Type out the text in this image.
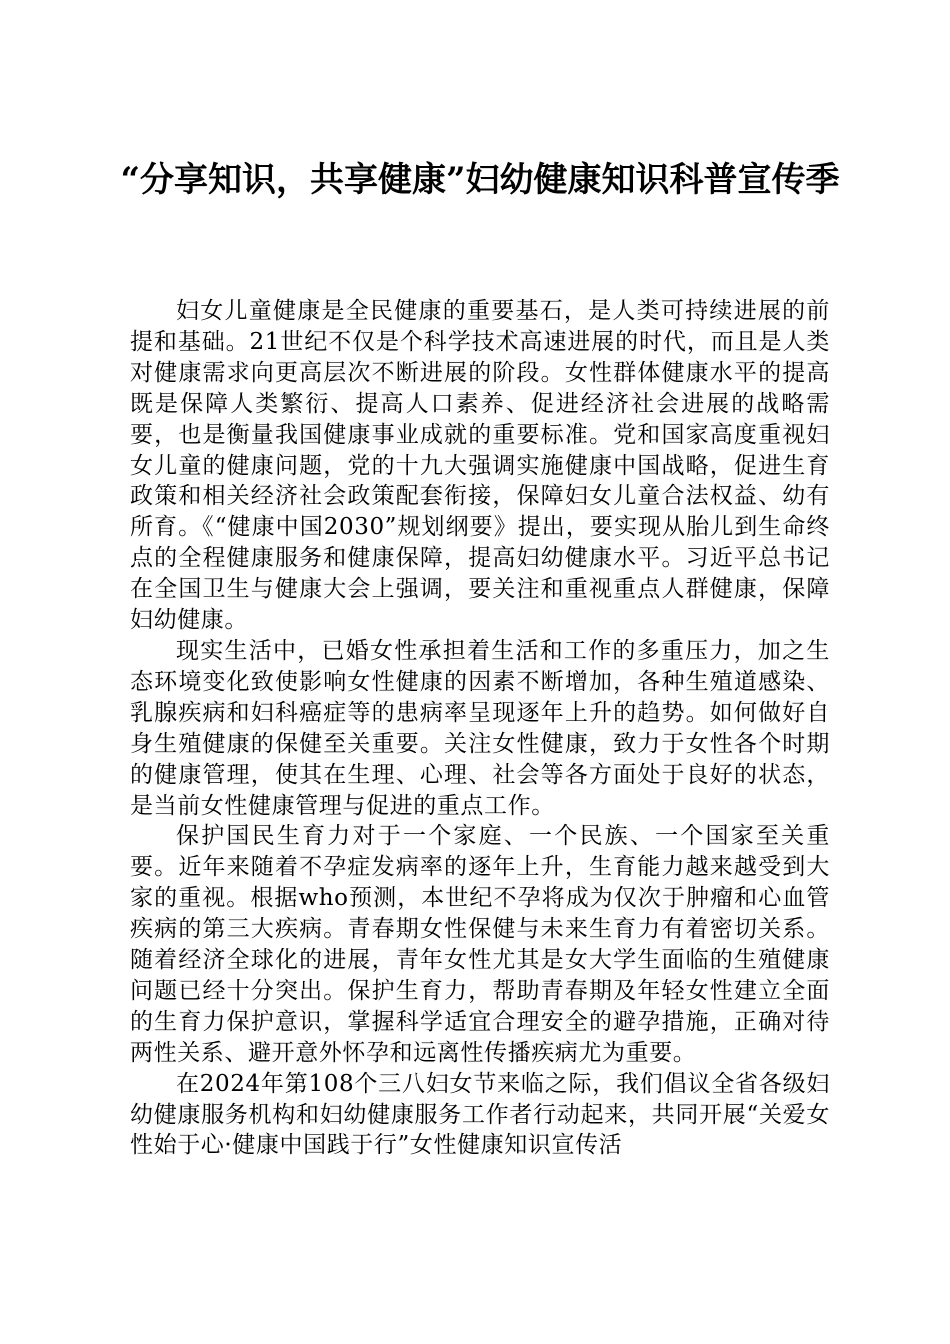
“分享知识，共享健康”妇幼健康知识科普宣传季

妇女儿童健康是全民健康的重要基石，是人类可持续进展的前提和基础。21世纪不仅是个科学技术高速进展的时代，而且是人类对健康需求向更高层次不断进展的阶段。女性群体健康水平的提高既是保障人类繁衍、提高人口素养、促进经济社会进展的战略需要，也是衡量我国健康事业成就的重要标准。党和国家高度重视妇女儿童的健康问题，党的十九大强调实施健康中国战略，促进生育政策和相关经济社会政策配套衔接，保障妇女儿童合法权益、幼有所育。《“健康中国2030”规划纲要》提出，要实现从胎儿到生命终点的全程健康服务和健康保障，提高妇幼健康水平。习近平总书记在全国卫生与健康大会上强调，要关注和重视重点人群健康，保障妇幼健康。

现实生活中，已婚女性承担着生活和工作的多重压力，加之生态环境变化致使影响女性健康的因素不断增加，各种生殖道感染、乳腺疾病和妇科癌症等的患病率呈现逐年上升的趋势。如何做好自身生殖健康的保健至关重要。关注女性健康，致力于女性各个时期的健康管理，使其在生理、心理、社会等各方面处于良好的状态，是当前女性健康管理与促进的重点工作。

保护国民生育力对于一个家庭、一个民族、一个国家至关重要。近年来随着不孕症发病率的逐年上升，生育能力越来越受到大家的重视。根据who预测，本世纪不孕将成为仅次于肿瘤和心血管疾病的第三大疾病。青春期女性保健与未来生育力有着密切关系。随着经济全球化的进展，青年女性尤其是女大学生面临的生殖健康问题已经十分突出。保护生育力，帮助青春期及年轻女性建立全面的生育力保护意识，掌握科学适宜合理安全的避孕措施，正确对待两性关系、避开意外怀孕和远离性传播疾病尤为重要。

在2024年第108个三八妇女节来临之际，我们倡议全省各级妇幼健康服务机构和妇幼健康服务工作者行动起来，共同开展“关爱女性始于心·健康中国践于行”女性健康知识宣传活
